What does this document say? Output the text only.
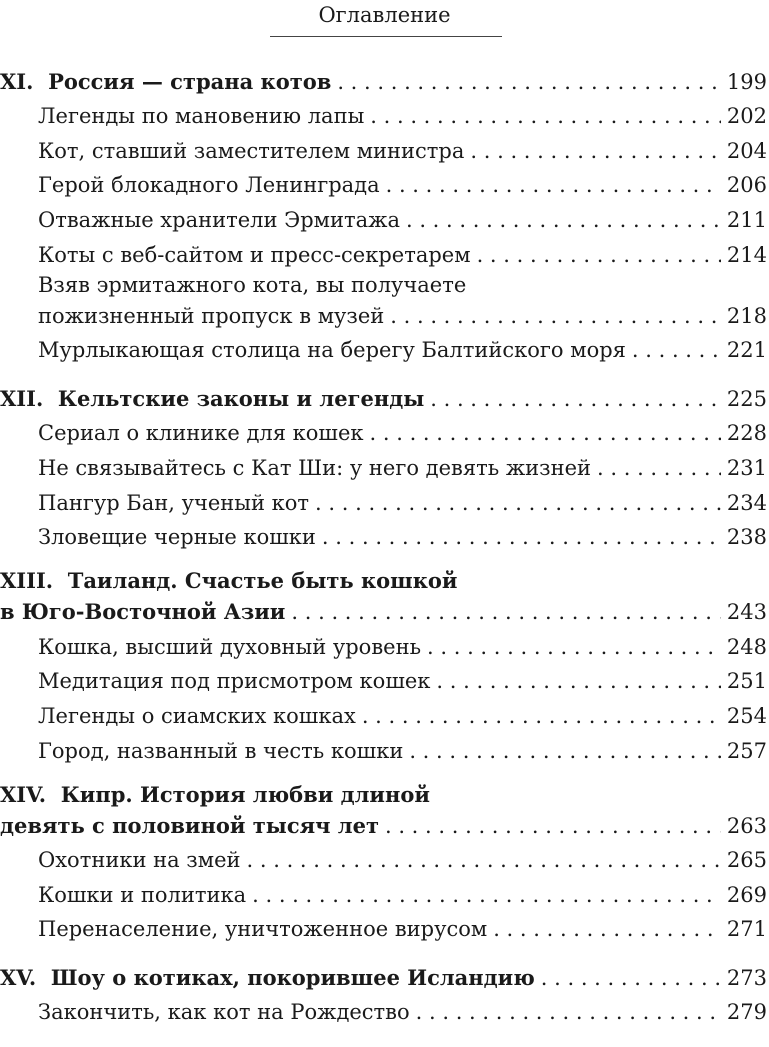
Оглавление
XI. Россия — страна котов . . .	199
Легенды по мановению лапы . . .	202
Кот, ставший заместителем министра . . .	204
Герой блокадного Ленинграда . . .	206
Отважные хранители Эрмитажа . . .	211
Коты с веб-сайтом и пресс-секретарем . . .	214
Взяв эрмитажного кота, вы получаете
пожизненный пропуск в музей . . .	218
Мурлыкающая столица на берегу Балтийского моря . . .	221
XII. Кельтские законы и легенды . . .	225
Сериал о клинике для кошек . . .	228
Не связывайтесь с Кат Ши: у него девять жизней . . .	231
Пангур Бан, ученый кот . . .	234
Зловещие черные кошки . . .	238
XIII.
Таиланд. Счастье быть кошкой
в Юго-Восточной Азии . . .	243
Кошка, высший духовный уровень . . .	248
Медитация под присмотром кошек . . .	251
Легенды о сиамских кошках . . .	254
Город, названный в честь кошки . . .	257
XIV.
Кипр. История любви длиной
девять с половиной тысяч лет . . .	263
Охотники на змей . . .	265
Кошки и политика . . .	269
Перенаселение, уничтоженное вирусом . . .	271
XV. Шоу о котиках, покорившее Исландию . . .	273
Закончить, как кот на Рождество . . .	279
